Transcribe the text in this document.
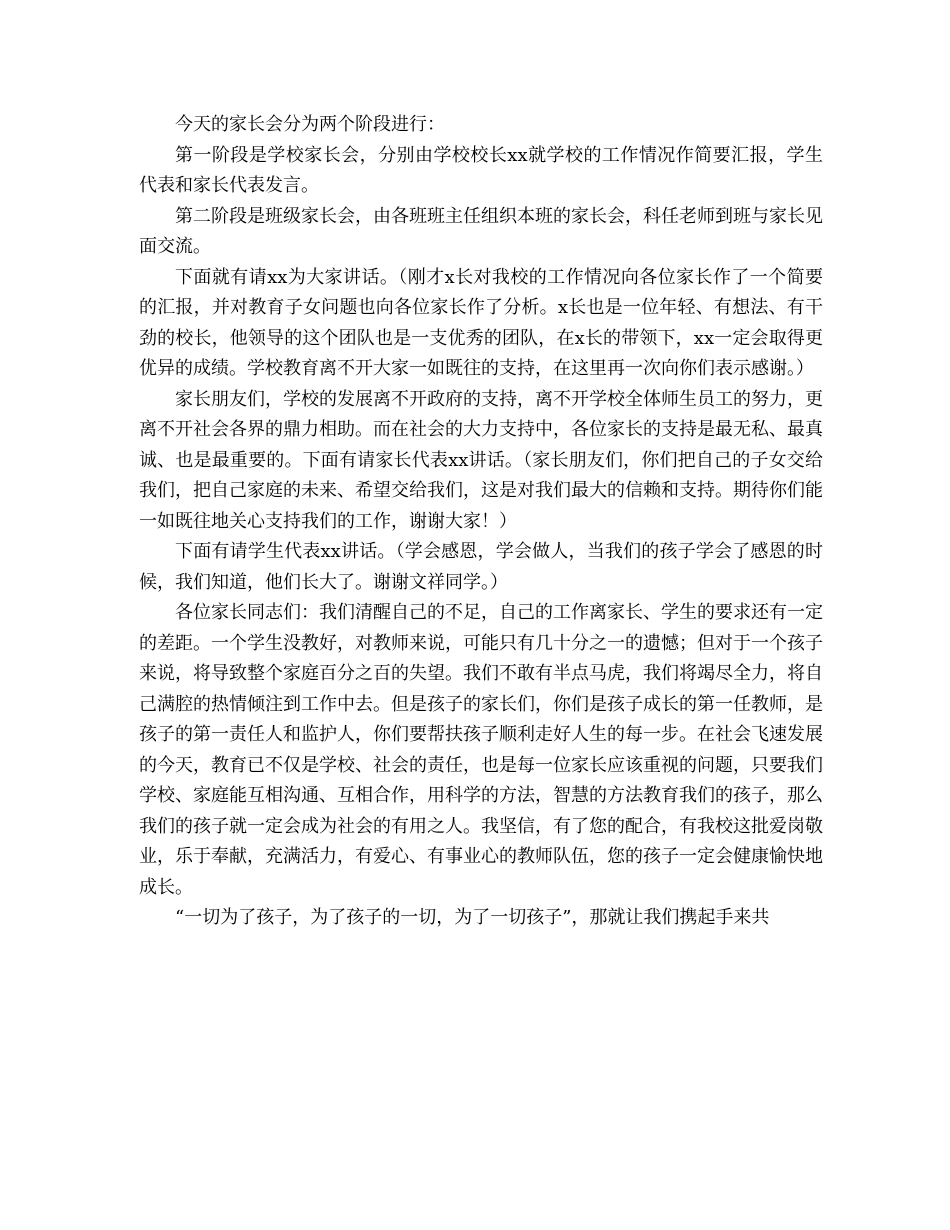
今天的家长会分为两个阶段进行：

第一阶段是学校家长会，分别由学校校长xx就学校的工作情况作简要汇报，学生代表和家长代表发言。

第二阶段是班级家长会，由各班班主任组织本班的家长会，科任老师到班与家长见面交流。

下面就有请xx为大家讲话。（刚才x长对我校的工作情况向各位家长作了一个简要的汇报，并对教育子女问题也向各位家长作了分析。x长也是一位年轻、有想法、有干劲的校长，他领导的这个团队也是一支优秀的团队，在x长的带领下，xx一定会取得更优异的成绩。学校教育离不开大家一如既往的支持，在这里再一次向你们表示感谢。）

家长朋友们，学校的发展离不开政府的支持，离不开学校全体师生员工的努力，更离不开社会各界的鼎力相助。而在社会的大力支持中，各位家长的支持是最无私、最真诚、也是最重要的。下面有请家长代表xx讲话。（家长朋友们，你们把自己的子女交给我们，把自己家庭的未来、希望交给我们，这是对我们最大的信赖和支持。期待你们能一如既往地关心支持我们的工作，谢谢大家！）

下面有请学生代表xx讲话。（学会感恩，学会做人，当我们的孩子学会了感恩的时候，我们知道，他们长大了。谢谢文祥同学。）

各位家长同志们：我们清醒自己的不足，自己的工作离家长、学生的要求还有一定的差距。一个学生没教好，对教师来说，可能只有几十分之一的遗憾；但对于一个孩子来说，将导致整个家庭百分之百的失望。我们不敢有半点马虎，我们将竭尽全力，将自己满腔的热情倾注到工作中去。但是孩子的家长们，你们是孩子成长的第一任教师，是孩子的第一责任人和监护人，你们要帮扶孩子顺利走好人生的每一步。在社会飞速发展的今天，教育已不仅是学校、社会的责任，也是每一位家长应该重视的问题，只要我们学校、家庭能互相沟通、互相合作，用科学的方法，智慧的方法教育我们的孩子，那么我们的孩子就一定会成为社会的有用之人。我坚信，有了您的配合，有我校这批爱岗敬业，乐于奉献，充满活力，有爱心、有事业心的教师队伍，您的孩子一定会健康愉快地成长。

“一切为了孩子，为了孩子的一切，为了一切孩子”，那就让我们携起手来共
